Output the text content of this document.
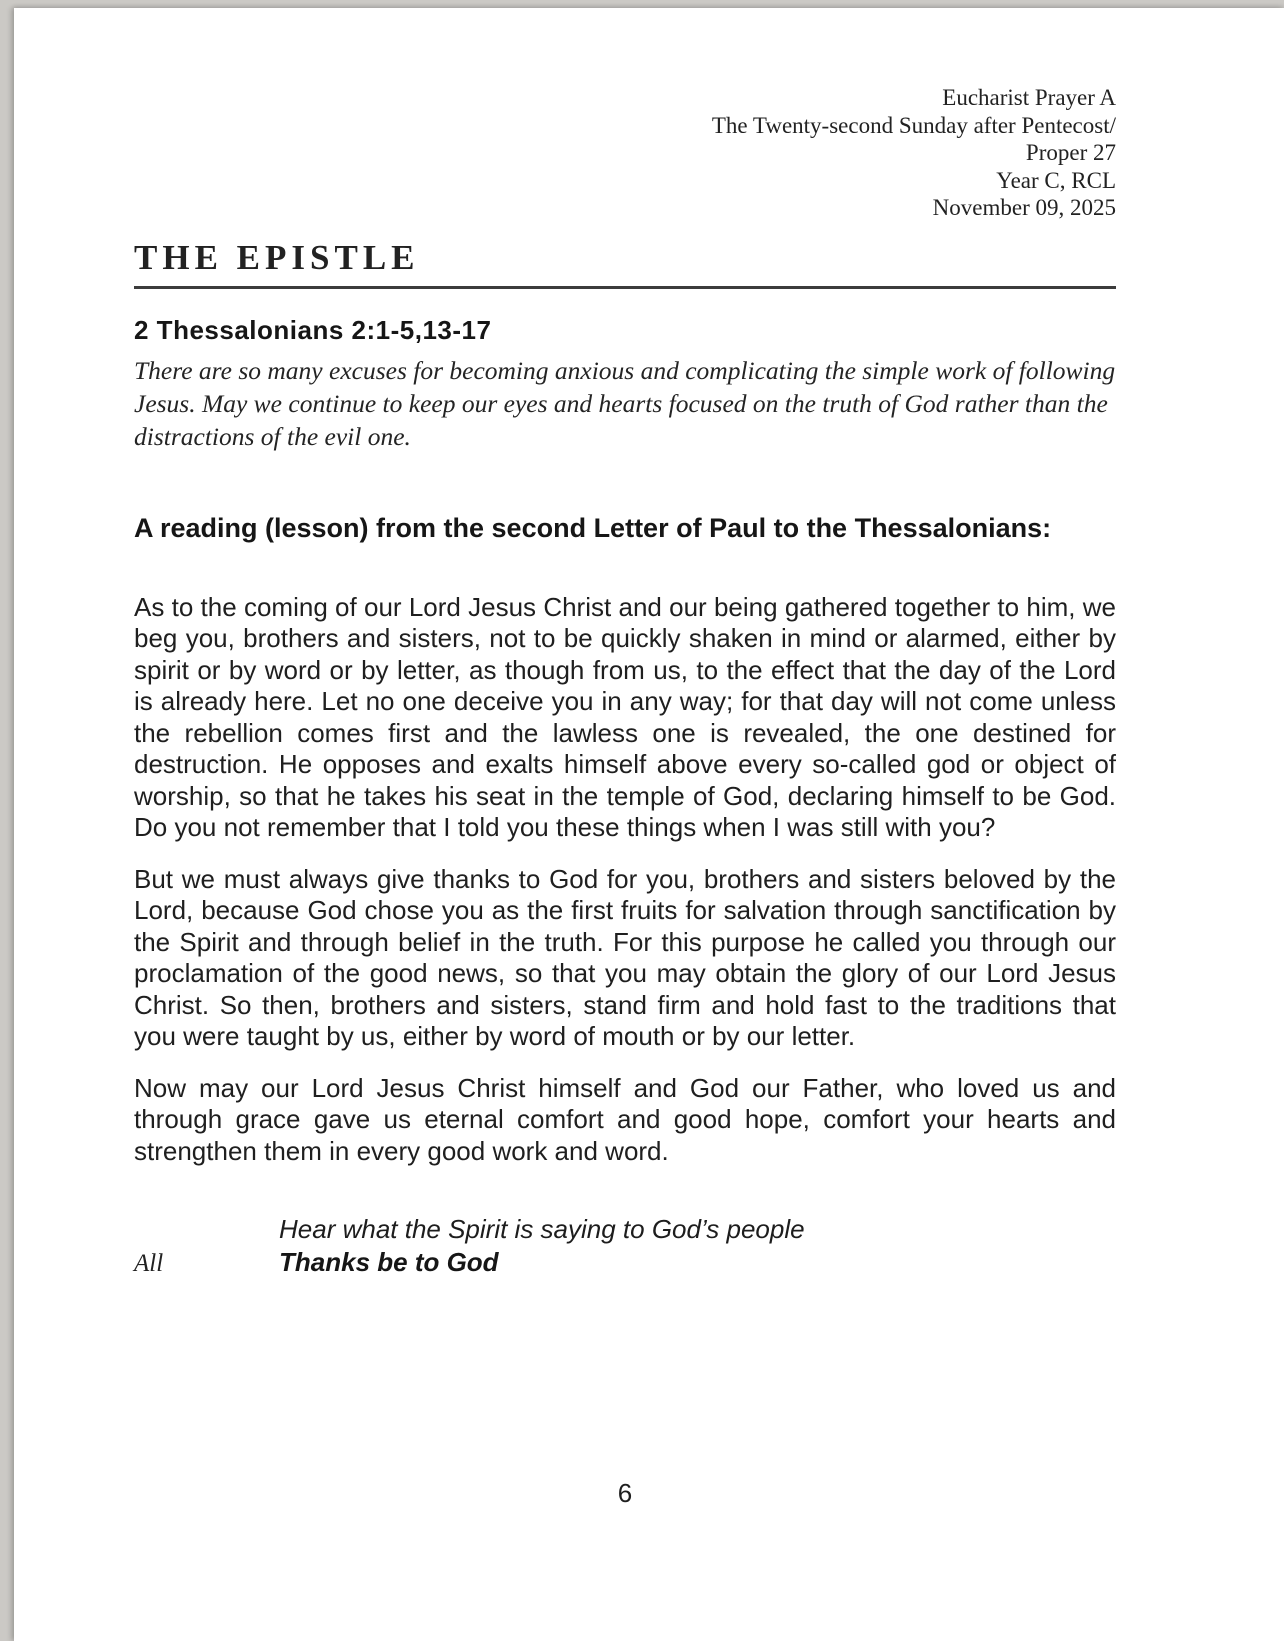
Eucharist Prayer A
The Twenty-second Sunday after Pentecost/
Proper 27
Year C, RCL
November 09, 2025
THE EPISTLE
2 Thessalonians 2:1-5,13-17
There are so many excuses for becoming anxious and complicating the simple work of following Jesus. May we continue to keep our eyes and hearts focused on the truth of God rather than the distractions of the evil one.
A reading (lesson) from the second Letter of Paul to the Thessalonians:

As to the coming of our Lord Jesus Christ and our being gathered together to him, we beg you, brothers and sisters, not to be quickly shaken in mind or alarmed, either by spirit or by word or by letter, as though from us, to the effect that the day of the Lord is already here. Let no one deceive you in any way; for that day will not come unless the rebellion comes first and the lawless one is revealed, the one destined for destruction. He opposes and exalts himself above every so-called god or object of worship, so that he takes his seat in the temple of God, declaring himself to be God. Do you not remember that I told you these things when I was still with you?

But we must always give thanks to God for you, brothers and sisters beloved by the Lord, because God chose you as the first fruits for salvation through sanctification by the Spirit and through belief in the truth. For this purpose he called you through our proclamation of the good news, so that you may obtain the glory of our Lord Jesus Christ. So then, brothers and sisters, stand firm and hold fast to the traditions that you were taught by us, either by word of mouth or by our letter.

Now may our Lord Jesus Christ himself and God our Father, who loved us and through grace gave us eternal comfort and good hope, comfort your hearts and strengthen them in every good work and word.

Hear what the Spirit is saying to God’s people
All	Thanks be to God
6
